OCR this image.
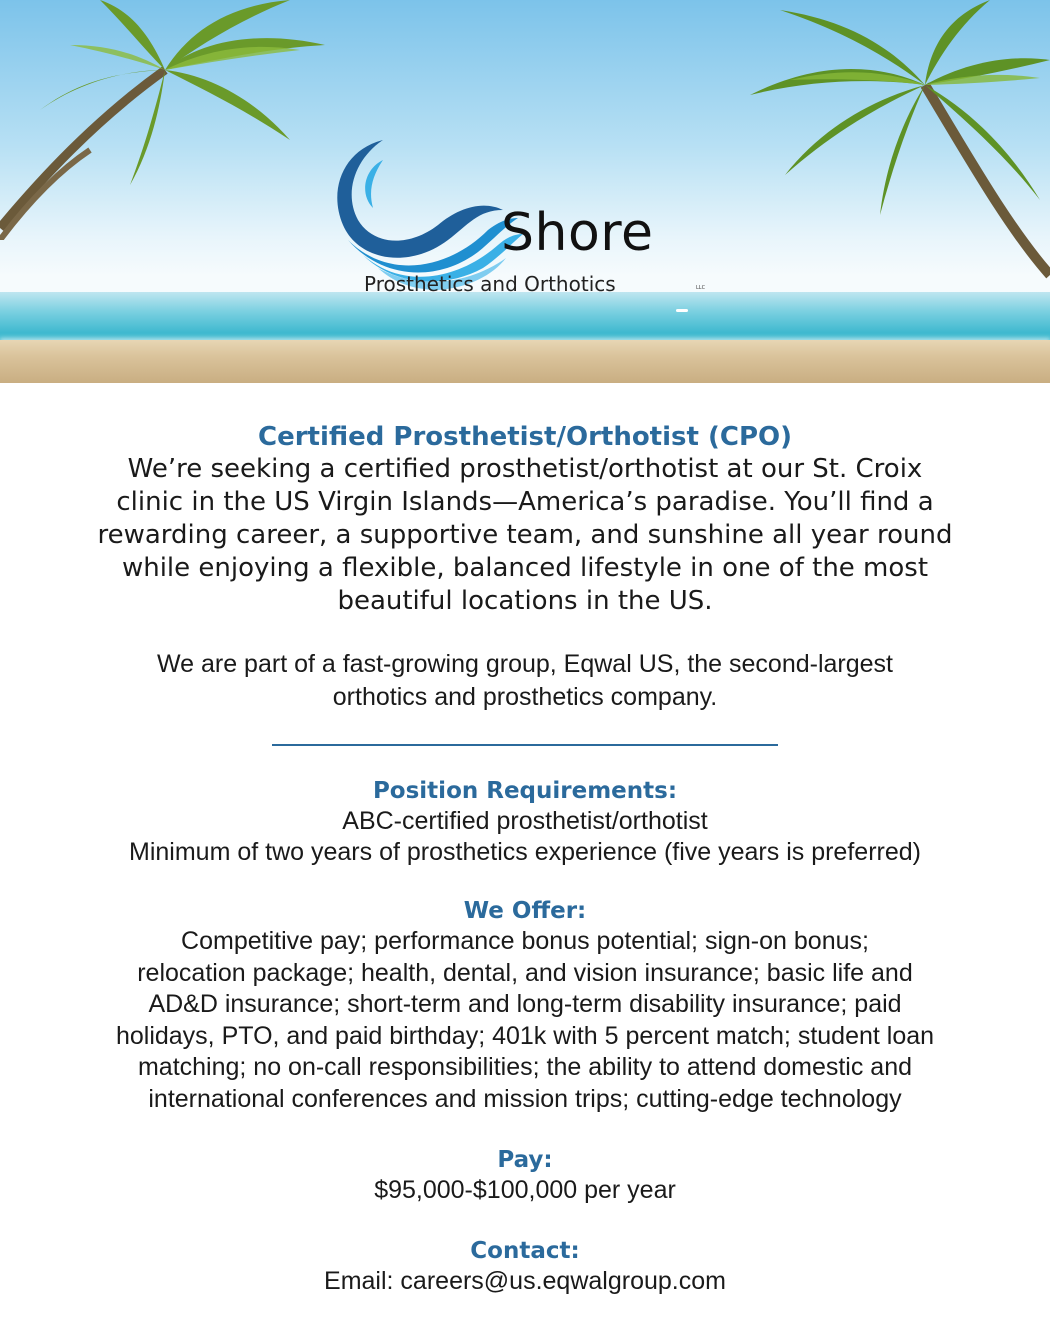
Shore
Prosthetics and Orthotics	LLC
Certified Prosthetist/Orthotist (CPO)
We’re seeking a certified prosthetist/orthotist at our St. Croix
clinic in the US Virgin Islands—America’s paradise. You’ll find a
rewarding career, a supportive team, and sunshine all year round
while enjoying a flexible, balanced lifestyle in one of the most
beautiful locations in the US.
We are part of a fast-growing group, Eqwal US, the second-largest
orthotics and prosthetics company.
Position Requirements:
ABC-certified prosthetist/orthotist
Minimum of two years of prosthetics experience (five years is preferred)
We Offer:
Competitive pay; performance bonus potential; sign-on bonus;
relocation package; health, dental, and vision insurance; basic life and
AD&D insurance; short-term and long-term disability insurance; paid
holidays, PTO, and paid birthday; 401k with 5 percent match; student loan
matching; no on-call responsibilities; the ability to attend domestic and
international conferences and mission trips; cutting-edge technology
Pay:
$95,000-$100,000 per year
Contact:
Email: careers@us.eqwalgroup.com
